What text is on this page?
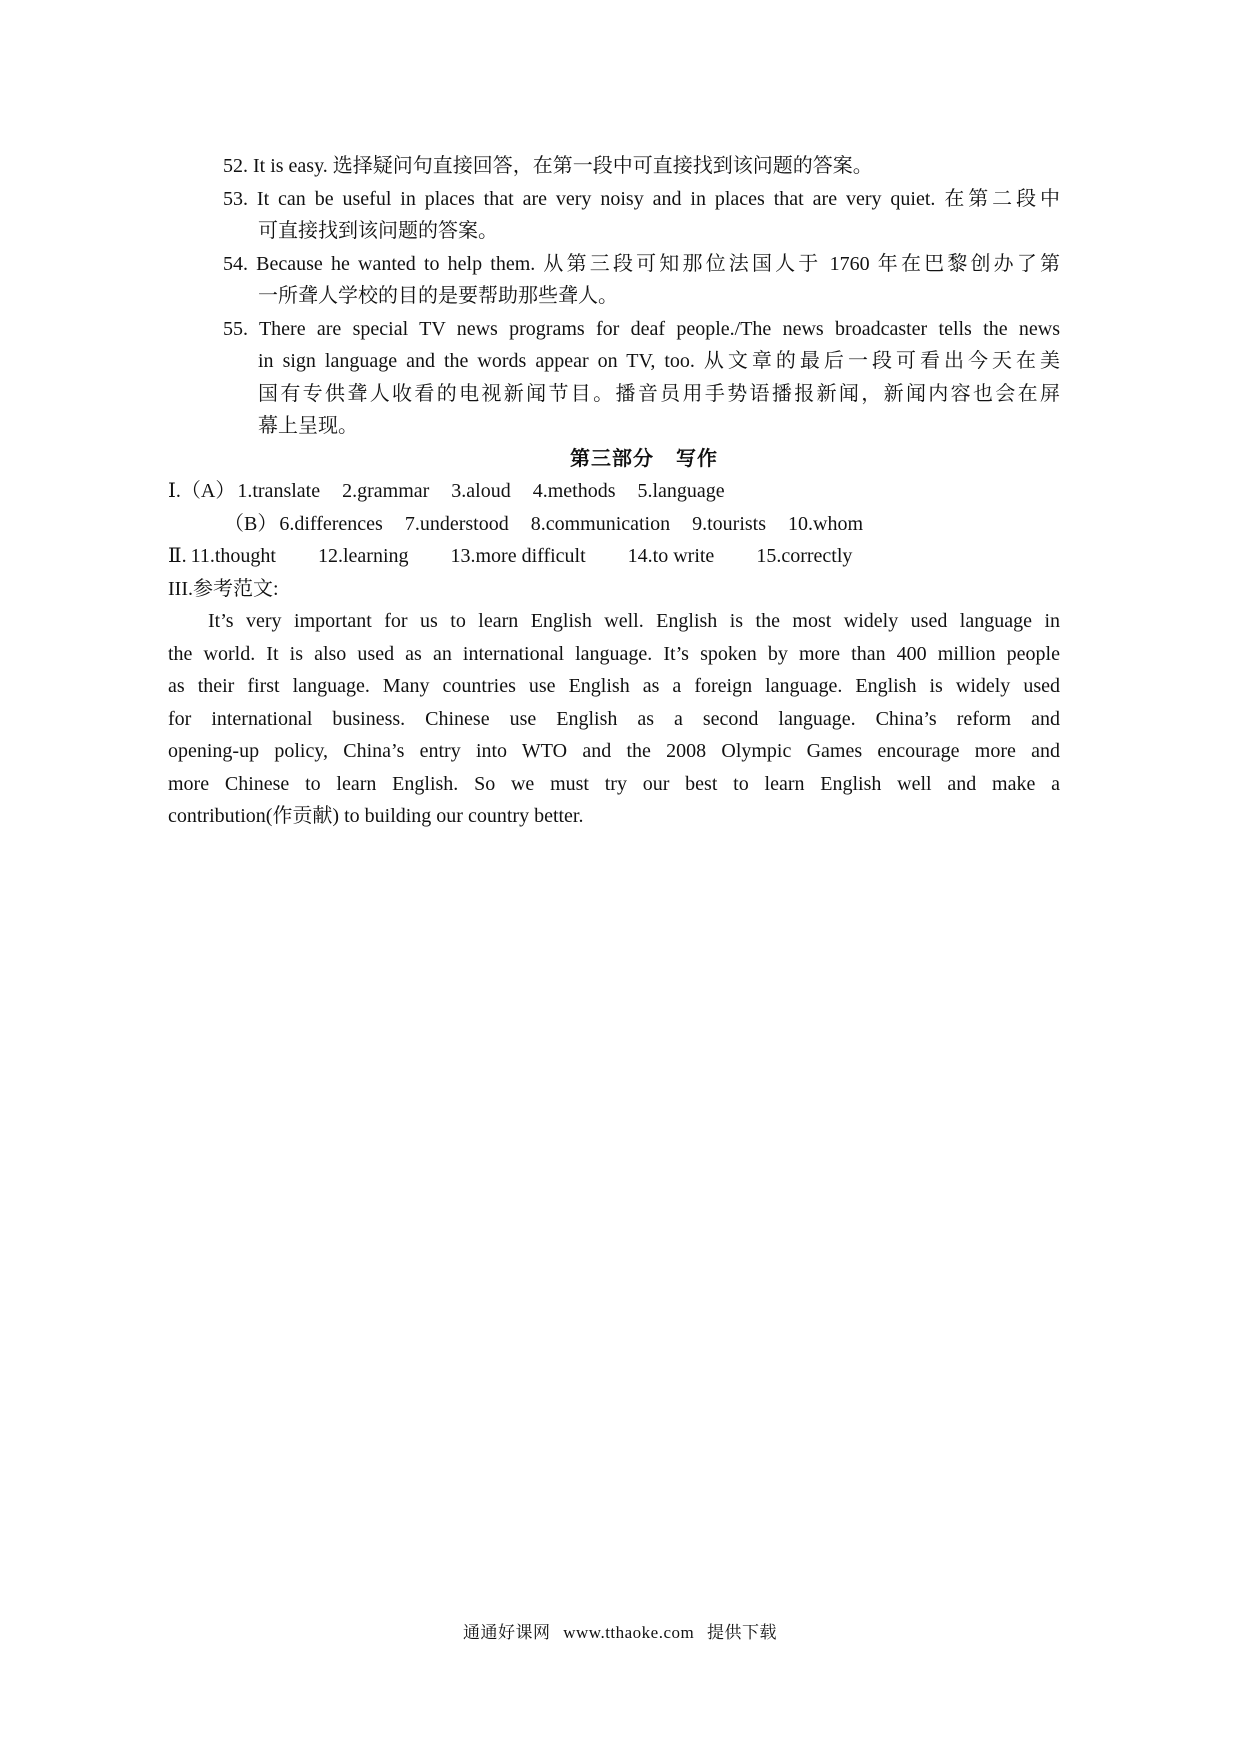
52. It is easy. 选择疑问句直接回答，在第一段中可直接找到该问题的答案。
53. It can be useful in places that are very noisy and in places that are very quiet. 在第二段中
可直接找到该问题的答案。
54. Because he wanted to help them. 从第三段可知那位法国人于 1760 年在巴黎创办了第
一所聋人学校的目的是要帮助那些聋人。
55. There are special TV news programs for deaf people./The news broadcaster tells the news
in sign language and the words appear on TV, too. 从文章的最后一段可看出今天在美
国有专供聋人收看的电视新闻节目。播音员用手势语播报新闻，新闻内容也会在屏
幕上呈现。
第三部分 写作
Ⅰ.（A） 1.translate 2.grammar 3.aloud 4.methods 5.language
（B） 6.differences 7.understood 8.communication 9.tourists 10.whom
Ⅱ. 11.thought 12.learning 13.more difficult 14.to write 15.correctly
III.参考范文:
It’s very important for us to learn English well. English is the most widely used language in
the world. It is also used as an international language. It’s spoken by more than 400 million people
as their first language. Many countries use English as a foreign language. English is widely used
for international business. Chinese use English as a second language. China’s reform and
opening-up policy, China’s entry into WTO and the 2008 Olympic Games encourage more and
more Chinese to learn English. So we must try our best to learn English well and make a
contribution(作贡献) to building our country better.
通通好课网 www.tthaoke.com 提供下载
